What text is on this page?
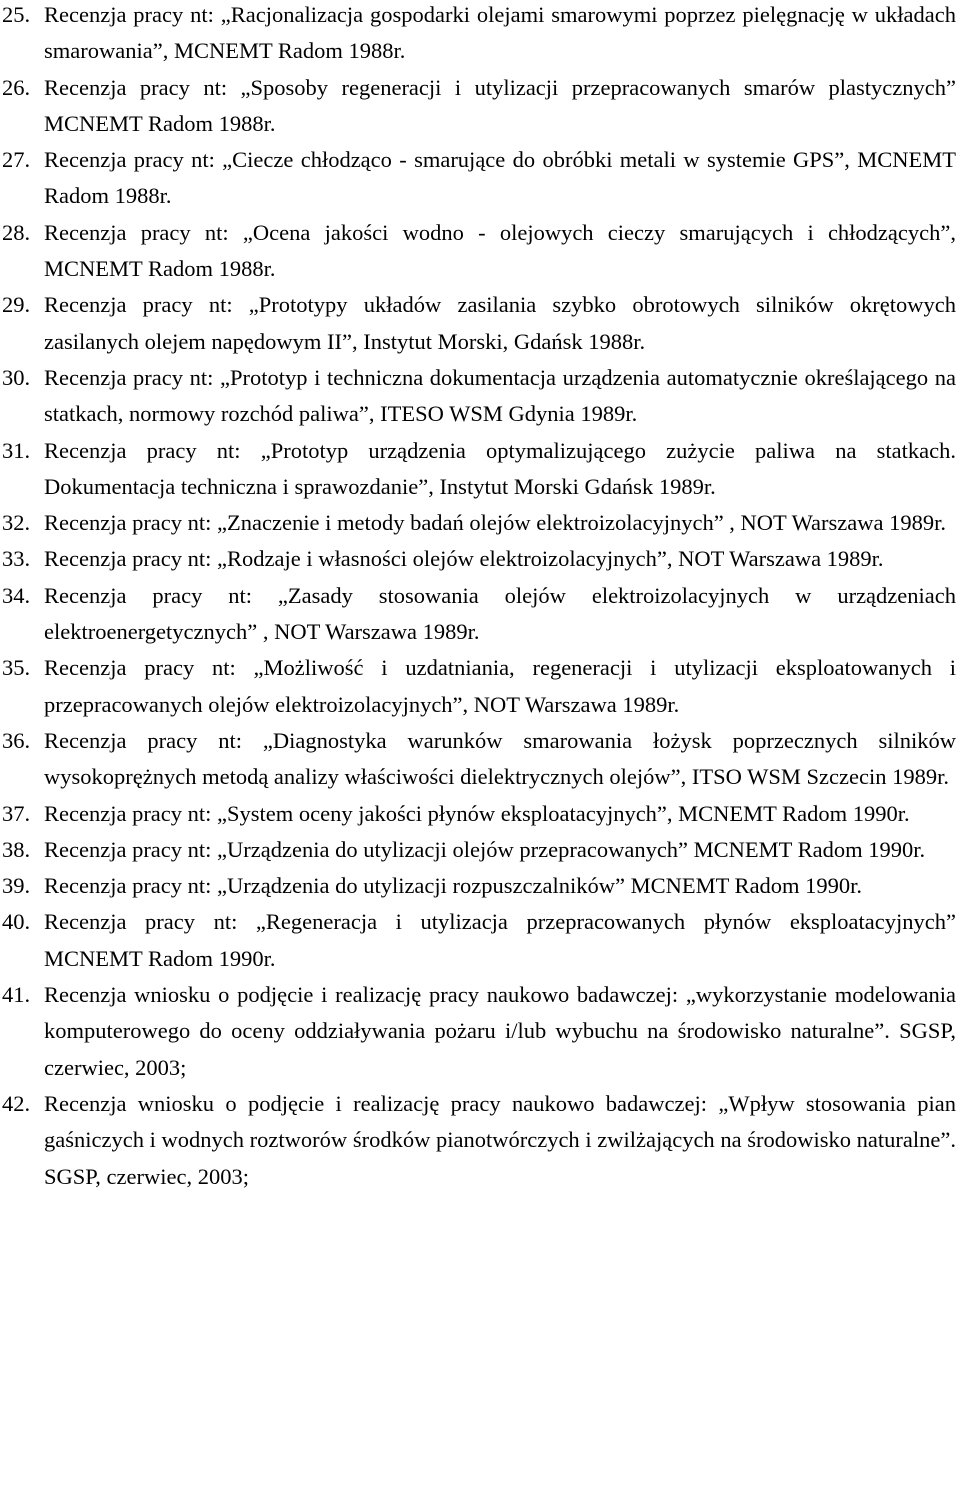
25. Recenzja pracy nt: „Racjonalizacja gospodarki olejami smarowymi poprzez pielęgnację w układach smarowania”, MCNEMT Radom 1988r.
26. Recenzja pracy nt: „Sposoby regeneracji i utylizacji przepracowanych smarów plastycznych” MCNEMT Radom 1988r.
27. Recenzja pracy nt: „Ciecze chłodząco - smarujące do obróbki metali w systemie GPS”, MCNEMT Radom 1988r.
28. Recenzja pracy nt: „Ocena jakości wodno - olejowych cieczy smarujących i chłodzących”, MCNEMT Radom 1988r.
29. Recenzja pracy nt: „Prototypy układów zasilania szybko obrotowych silników okrętowych zasilanych olejem napędowym II”, Instytut Morski, Gdańsk 1988r.
30. Recenzja pracy nt: „Prototyp i techniczna dokumentacja urządzenia automatycznie określającego na statkach, normowy rozchód paliwa”, ITESO WSM Gdynia 1989r.
31. Recenzja pracy nt: „Prototyp urządzenia optymalizującego zużycie paliwa na statkach. Dokumentacja techniczna i sprawozdanie”, Instytut Morski Gdańsk 1989r.
32. Recenzja pracy nt: „Znaczenie i metody badań olejów elektroizolacyjnych” , NOT Warszawa 1989r.
33. Recenzja pracy nt: „Rodzaje i własności olejów elektroizolacyjnych”, NOT Warszawa 1989r.
34. Recenzja pracy nt: „Zasady stosowania olejów elektroizolacyjnych w urządzeniach elektroenergetycznych” , NOT Warszawa 1989r.
35. Recenzja pracy nt: „Możliwość i uzdatniania, regeneracji i utylizacji eksploatowanych i przepracowanych olejów elektroizolacyjnych”, NOT Warszawa 1989r.
36. Recenzja pracy nt: „Diagnostyka warunków smarowania łożysk poprzecznych silników wysokoprężnych metodą analizy właściwości dielektrycznych olejów”, ITSO WSM Szczecin 1989r.
37. Recenzja pracy nt: „System oceny jakości płynów eksploatacyjnych”, MCNEMT Radom 1990r.
38. Recenzja pracy nt: „Urządzenia do utylizacji olejów przepracowanych” MCNEMT Radom 1990r.
39. Recenzja pracy nt: „Urządzenia do utylizacji rozpuszczalników” MCNEMT Radom 1990r.
40. Recenzja pracy nt: „Regeneracja i utylizacja przepracowanych płynów eksploatacyjnych” MCNEMT Radom 1990r.
41. Recenzja wniosku o podjęcie i realizację pracy naukowo badawczej: „wykorzystanie modelowania komputerowego do oceny oddziaływania pożaru i/lub wybuchu na środowisko naturalne”. SGSP, czerwiec, 2003;
42. Recenzja wniosku o podjęcie i realizację pracy naukowo badawczej: „Wpływ stosowania pian gaśniczych i wodnych roztworów środków pianotwórczych i zwilżających na środowisko naturalne”. SGSP, czerwiec, 2003;
